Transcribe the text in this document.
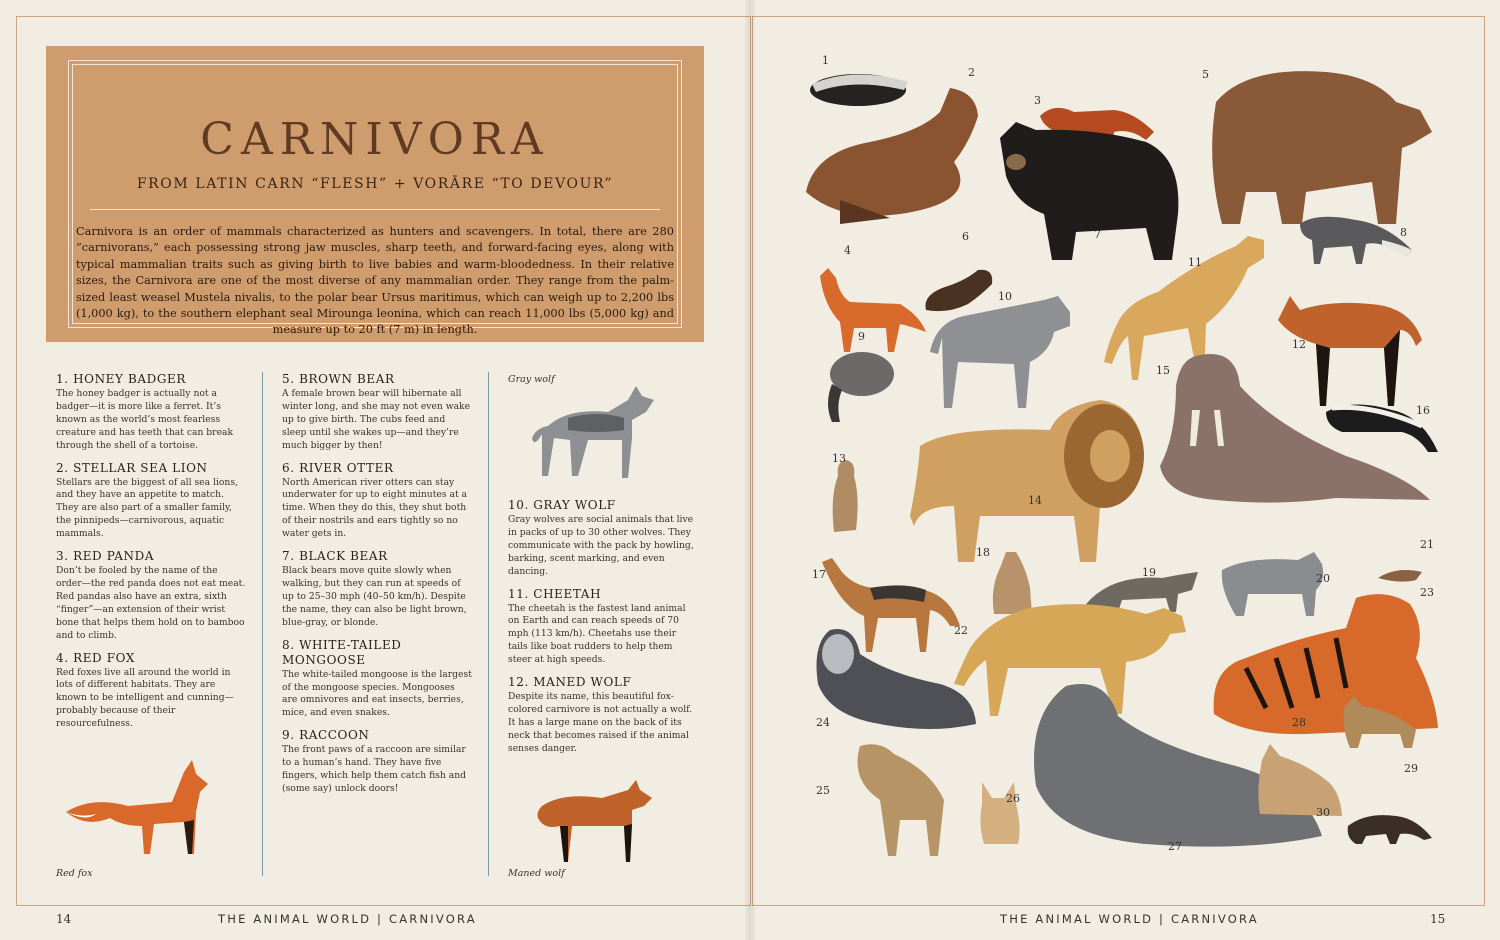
CARNIVORA
FROM LATIN CARN “FLESH” + VORĀRE “TO DEVOUR”
Carnivora is an order of mammals characterized as hunters and scavengers. In total, there are 280 “carnivorans,” each possessing strong jaw muscles, sharp teeth, and forward-facing eyes, along with typical mammalian traits such as giving birth to live babies and warm-bloodedness. In their relative sizes, the Carnivora are one of the most diverse of any mammalian order. They range from the palm-sized least weasel Mustela nivalis, to the polar bear Ursus maritimus, which can weigh up to 2,200 lbs (1,000 kg), to the southern elephant seal Mirounga leonina, which can reach 11,000 lbs (5,000 kg) and measure up to 20 ft (7 m) in length.
1. HONEY BADGER

The honey badger is actually not a badger—it is more like a ferret. It’s known as the world’s most fearless creature and has teeth that can break through the shell of a tortoise.

2. STELLAR SEA LION

Stellars are the biggest of all sea lions, and they have an appetite to match. They are also part of a smaller family, the pinnipeds—carnivorous, aquatic mammals.

3. RED PANDA

Don’t be fooled by the name of the order—the red panda does not eat meat. Red pandas also have an extra, sixth “finger”—an extension of their wrist bone that helps them hold on to bamboo and to climb.

4. RED FOX

Red foxes live all around the world in lots of different habitats. They are known to be intelligent and cunning—probably because of their resourcefulness.

5. BROWN BEAR

A female brown bear will hibernate all winter long, and she may not even wake up to give birth. The cubs feed and sleep until she wakes up—and they’re much bigger by then!

6. RIVER OTTER

North American river otters can stay underwater for up to eight minutes at a time. When they do this, they shut both of their nostrils and ears tightly so no water gets in.

7. BLACK BEAR

Black bears move quite slowly when walking, but they can run at speeds of up to 25–30 mph (40–50 km/h). Despite the name, they can also be light brown, blue-gray, or blonde.

8. WHITE-TAILED MONGOOSE

The white-tailed mongoose is the largest of the mongoose species. Mongooses are omnivores and eat insects, berries, mice, and even snakes.

9. RACCOON

The front paws of a raccoon are similar to a human’s hand. They have five fingers, which help them catch fish and (some say) unlock doors!

10. GRAY WOLF

Gray wolves are social animals that live in packs of up to 30 other wolves. They communicate with the pack by howling, barking, scent marking, and even dancing.

11. CHEETAH

The cheetah is the fastest land animal on Earth and can reach speeds of 70 mph (113 km/h). Cheetahs use their tails like boat rudders to help them steer at high speeds.

12. MANED WOLF

Despite its name, this beautiful fox-colored carnivore is not actually a wolf. It has a large mane on the back of its neck that becomes raised if the animal senses danger.

Gray wolf
Red fox	Maned wolf
1
2
3
4
5
6	7	8
9
10
11
12
13
14
15
16
17
18
19	20
21
22
23
24
25
26
27
28
29
30
14	THE ANIMAL WORLD | CARNIVORA	THE ANIMAL WORLD | CARNIVORA	15
